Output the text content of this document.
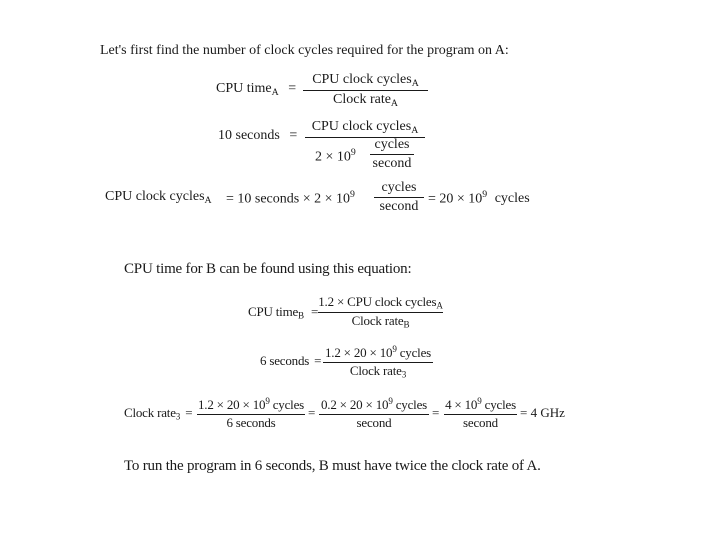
Let's first find the number of clock cycles required for the program on A:
CPU time$_A$ =
CPU clock cycles$_A$
Clock rate$_A$
10 seconds =
CPU clock cycles$_A$
$2 \times 10^9$
cycles
second
CPU clock cycles$_A$ = 10 seconds × $2 \times 10^9$	cycles
second
= $20 \times 10^9$ cycles
CPU time for B can be found using this equation:
CPU time$_B$ =
1.2 × CPU clock cycles$_A$
Clock rate$_B$
6 seconds =
$1.2 \times 20 \times 10^9$ cycles
Clock rate$_3$
Clock rate$_3$ =
$1.2 \times 20 \times 10^9$ cycles
6 seconds
=
$0.2 \times 20 \times 10^9$ cycles
second
=
$4 \times 10^9$ cycles
second
= 4 GHz
To run the program in 6 seconds, B must have twice the clock rate of A.
